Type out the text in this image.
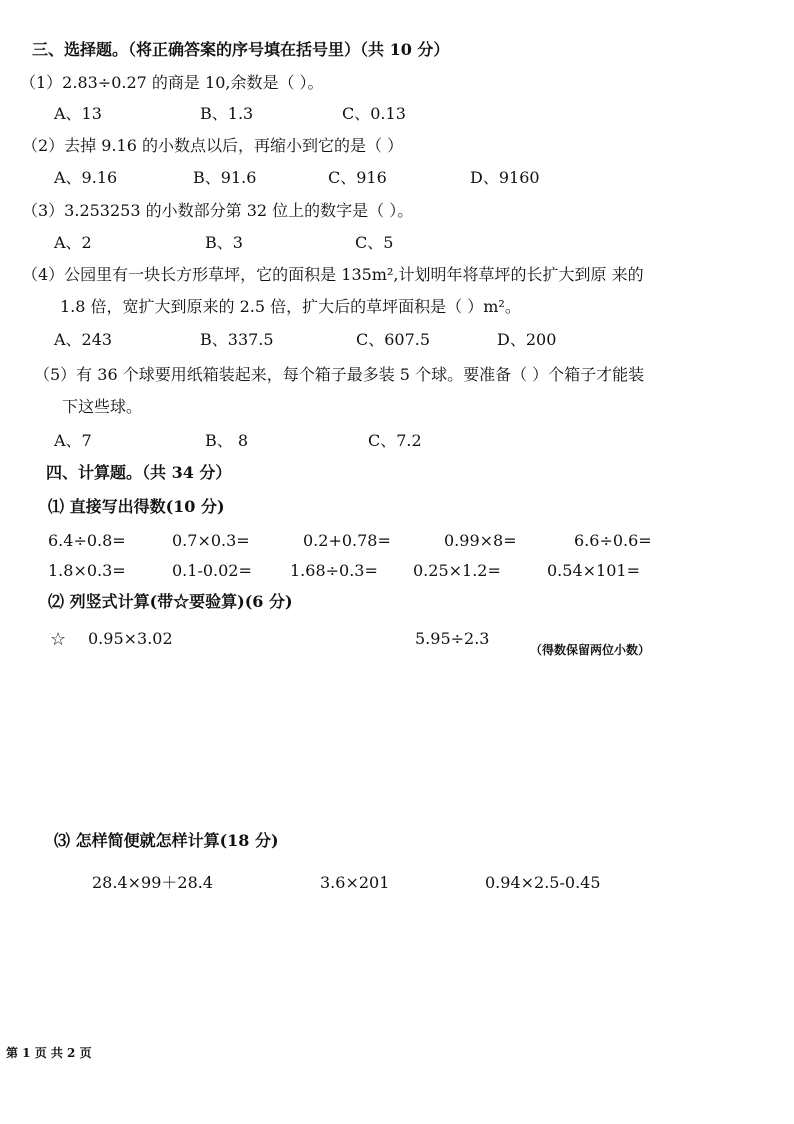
三、选择题。（将正确答案的序号填在括号里）（共 10 分）
（1）2.83÷0.27 的商是 10,余数是（ ）。
A、13	B、1.3	C、0.13
（2）去掉 9.16 的小数点以后，再缩小到它的是（ ）
A、9.16	B、91.6	C、916	D、9160
（3）3.253253 的小数部分第 32 位上的数字是（ ）。
A、2	B、3	C、5
（4）公园里有一块长方形草坪，它的面积是 135m²,计划明年将草坪的长扩大到原 来的
1.8 倍，宽扩大到原来的 2.5 倍，扩大后的草坪面积是（ ）m²。
A、243	B、337.5	C、607.5	D、200
（5）有 36 个球要用纸箱装起来，每个箱子最多装 5 个球。要准备（ ）个箱子才能装
下这些球。
A、7	B、 8	C、7.2
四、计算题。（共 34 分）
⑴ 直接写出得数(10 分)
6.4÷0.8=	0.7×0.3=	0.2+0.78=	0.99×8=	6.6÷0.6=
1.8×0.3=	0.1-0.02= 1.68÷0.3= 0.25×1.2=	0.54×101=
⑵ 列竖式计算(带☆要验算)(6 分)
☆ 0.95×3.02	5.95÷2.3
（得数保留两位小数）
⑶ 怎样简便就怎样计算(18 分)
28.4×99＋28.4	3.6×201	0.94×2.5-0.45
第 1 页 共 2 页
